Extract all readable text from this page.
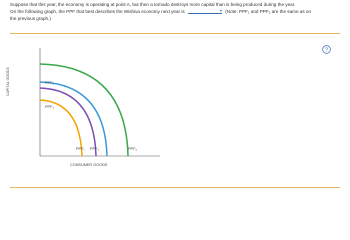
Suppose that this year, the economy is operating at point A, but then a tornado destroys more capital than is being produced during the year.
On the following graph, the PPF that best describes the Wishiva economy next year is	▾ (Note: PPF₁ and PPF₂ are the same as on
the previous graph.)
?
PPF₄
PPF₃
PPF₁ PPF₃	PPF₄
CONSUMER GOODS
CAPITAL GOODS
